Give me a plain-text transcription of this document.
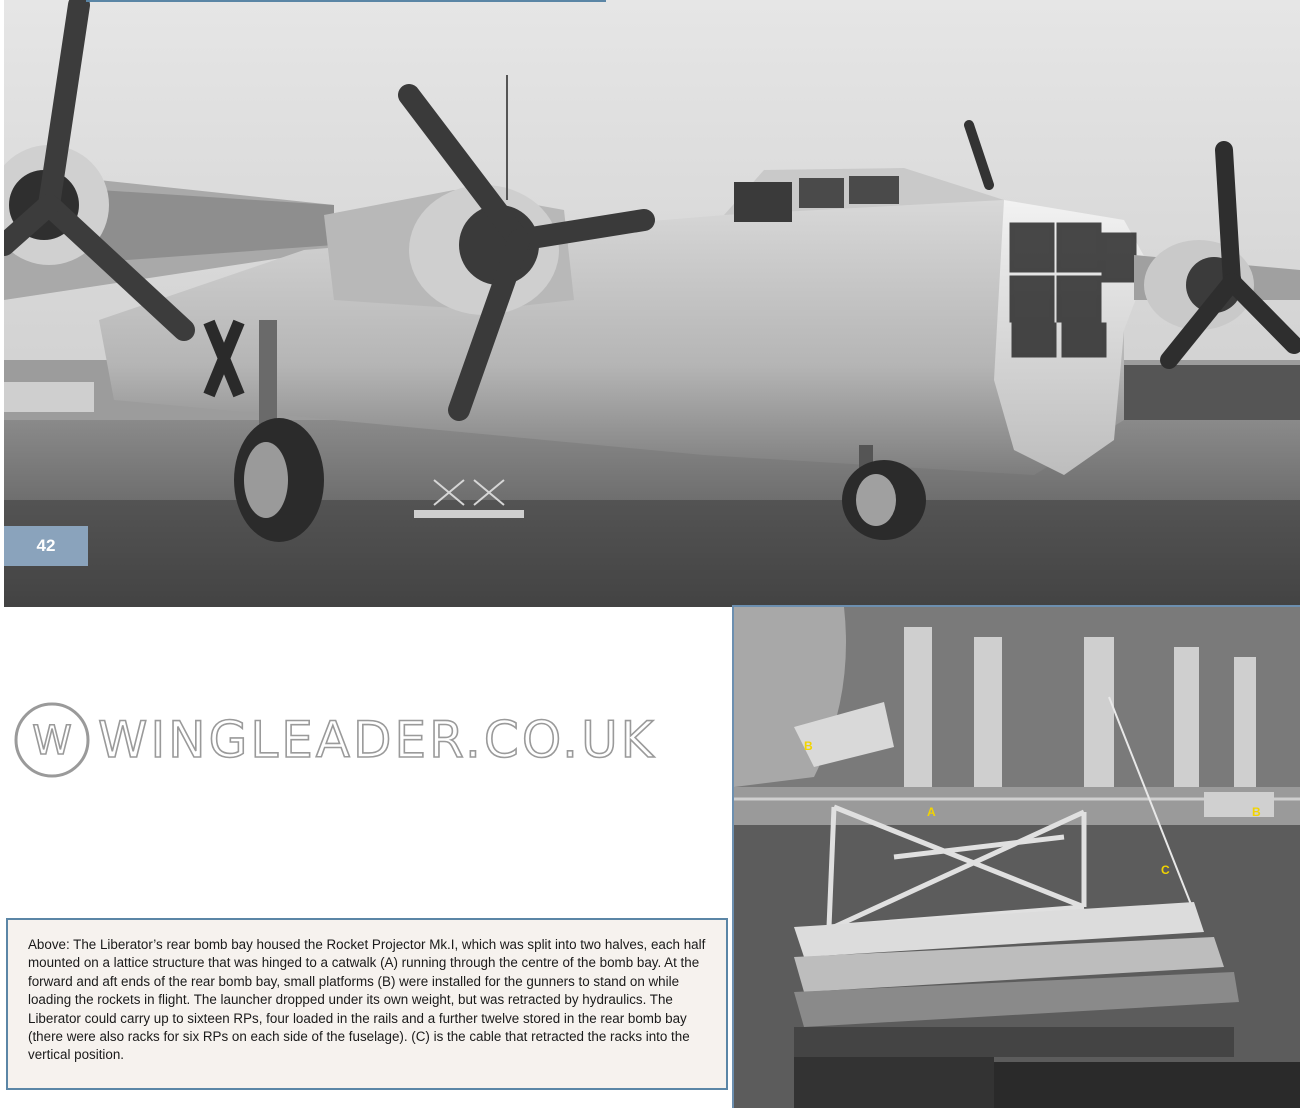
42
W WINGLEADER.CO.UK	B
A	B
C

Above: The Liberator’s rear bomb bay housed the Rocket Projector Mk.I, which was split into two halves, each half mounted on a lattice structure that was hinged to a catwalk (A) running through the centre of the bomb bay. At the forward and aft ends of the rear bomb bay, small platforms (B) were installed for the gunners to stand on while loading the rockets in flight. The launcher dropped under its own weight, but was retracted by hydraulics. The Liberator could carry up to sixteen RPs, four loaded in the rails and a further twelve stored in the rear bomb bay (there were also racks for six RPs on each side of the fuselage). (C) is the cable that retracted the racks into the vertical position.
